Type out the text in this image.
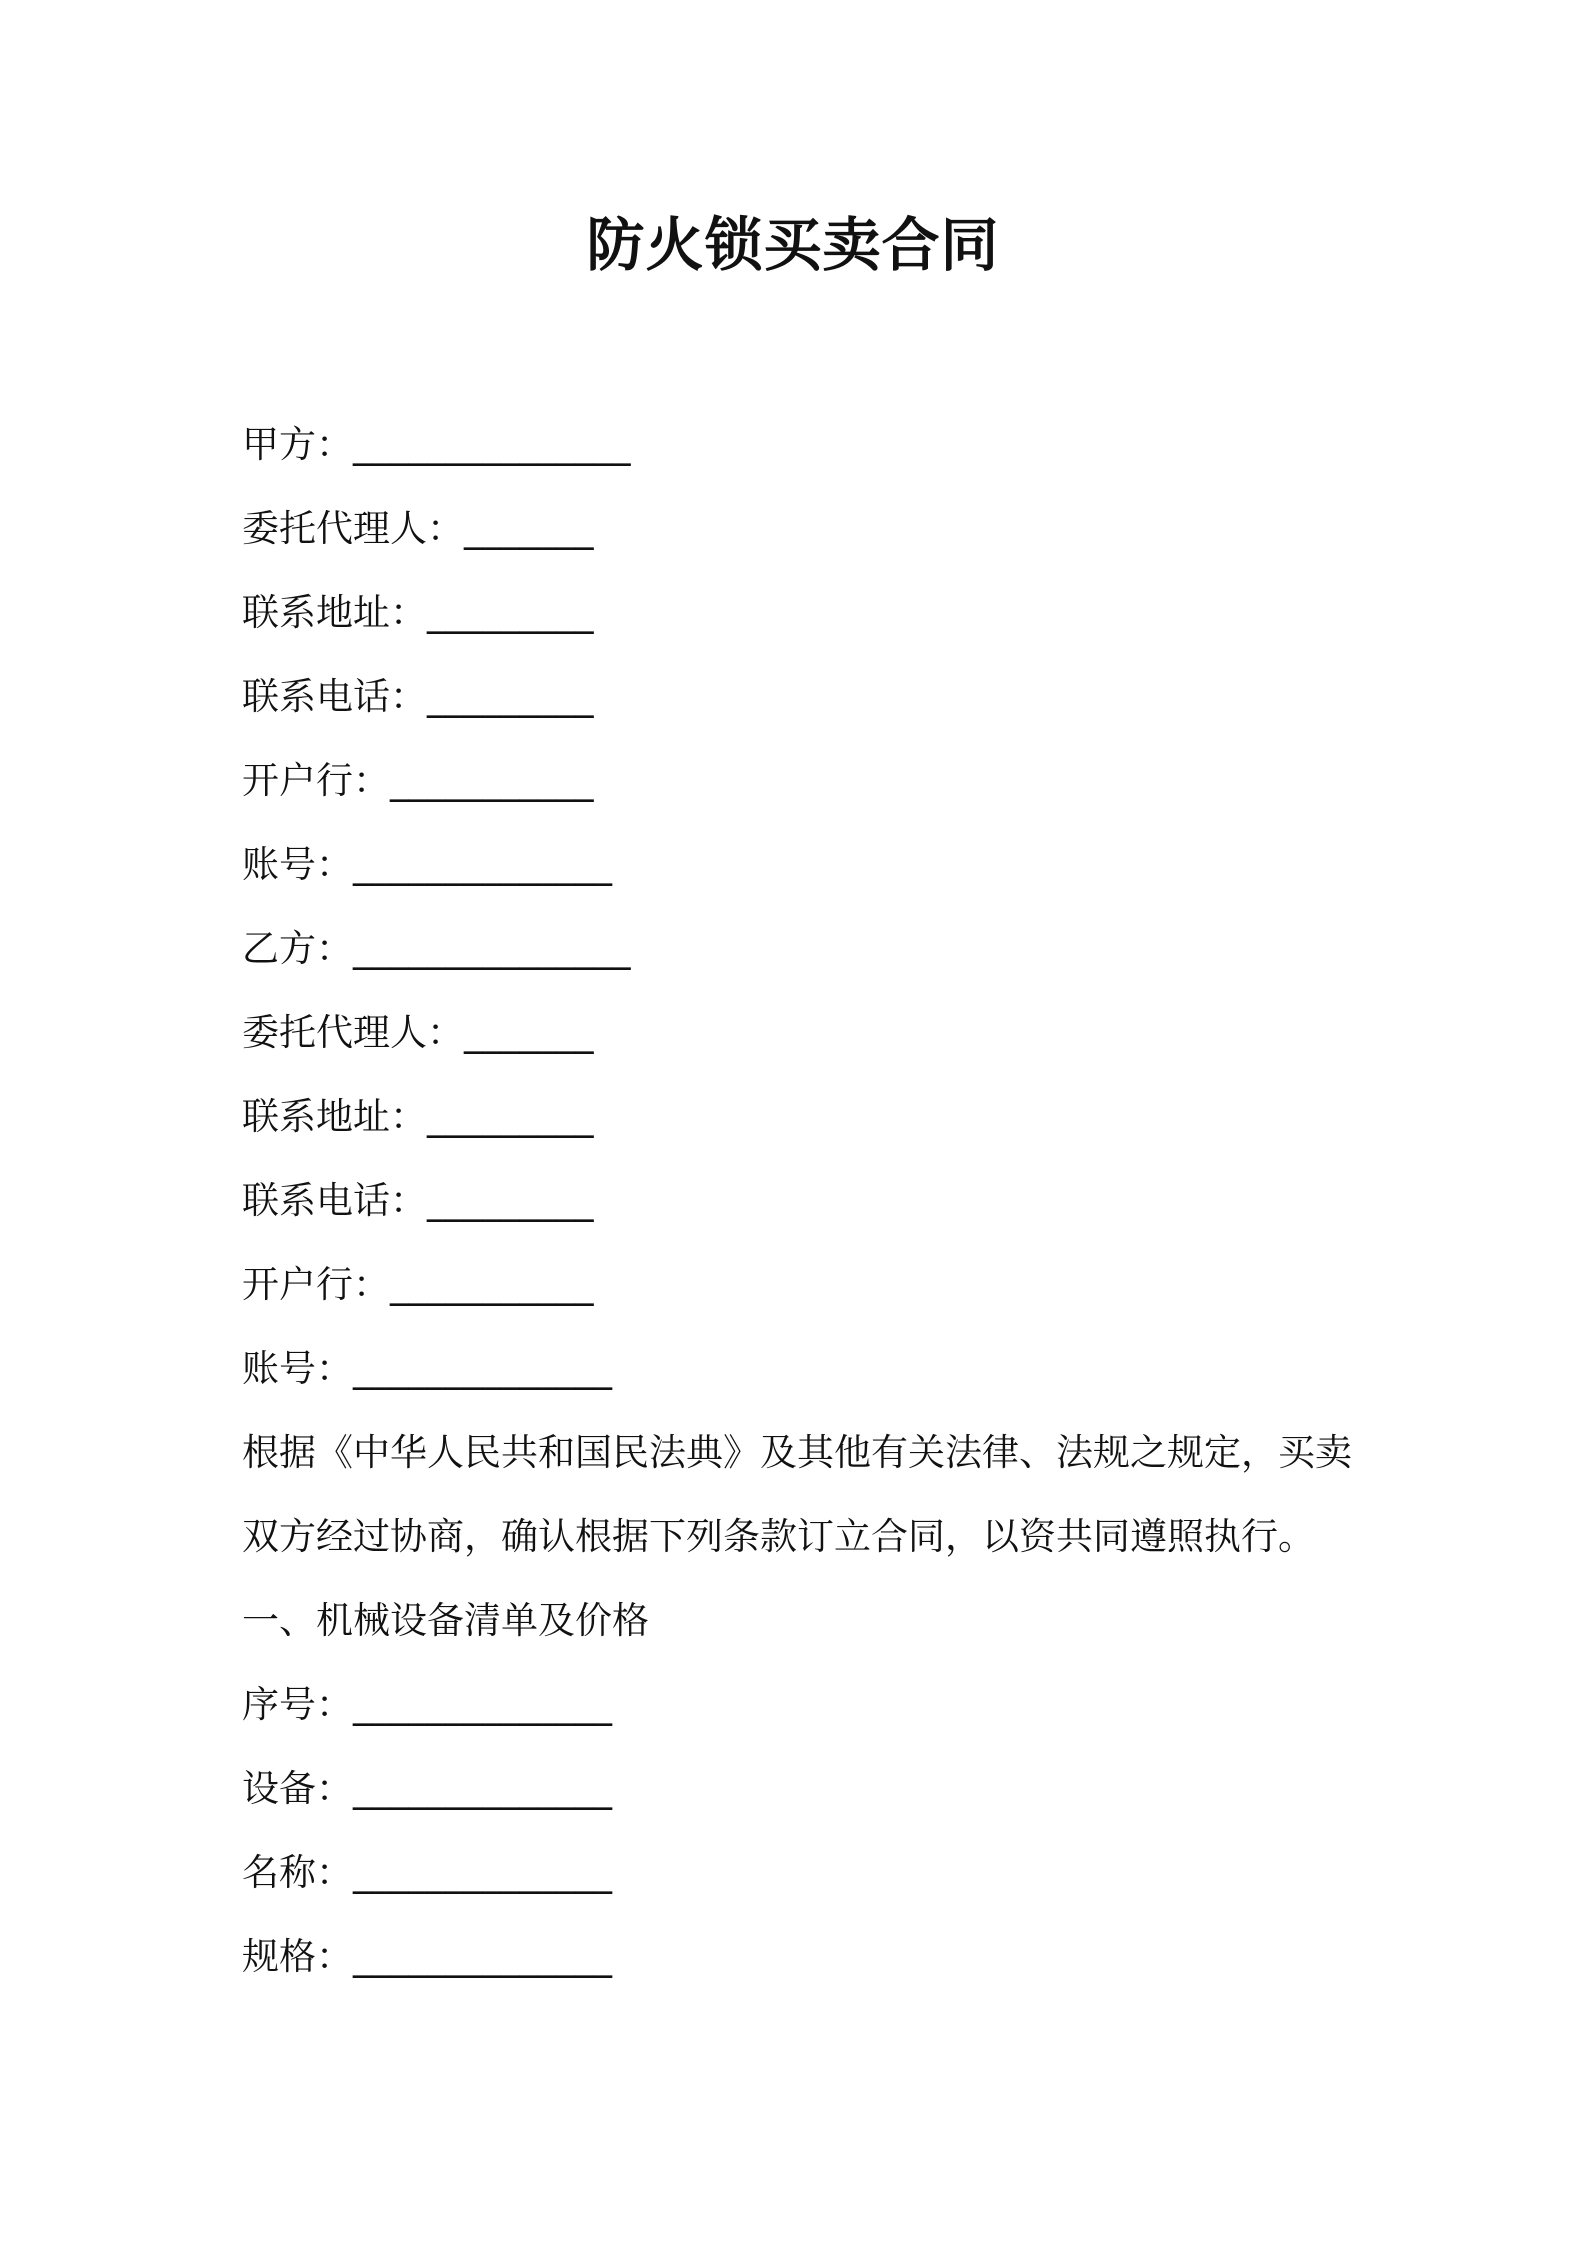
防火锁买卖合同
甲方：_______________
委托代理人：_______
联系地址：_________
联系电话：_________
开户行：___________
账号：______________
乙方：_______________
委托代理人：_______
联系地址：_________
联系电话：_________
开户行：___________
账号：______________
根据《中华人民共和国民法典》及其他有关法律、法规之规定，买卖双方经过协商，确认根据下列条款订立合同，以资共同遵照执行。
一、机械设备清单及价格
序号：______________
设备：______________
名称：______________
规格：______________
